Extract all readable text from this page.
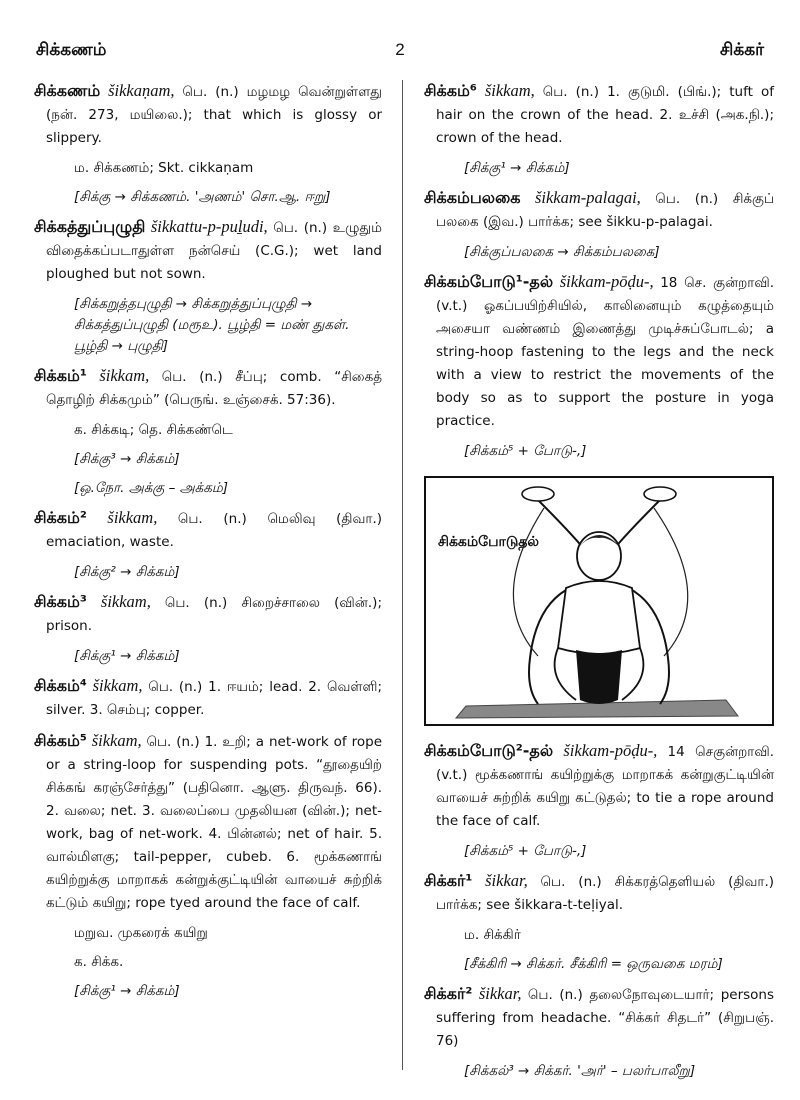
சிக்கணம்	2	சிக்கர்
சிக்கணம் šikkaṇam, பெ. (n.) மழமழ வென்றுள்ளது (நன். 273, மயிலை.); that which is glossy or slippery.
ம. சிக்கணம்; Skt. cikkaṇam
[சிக்கு → சிக்கணம். 'அணம்' சொ.ஆ. ஈறு]
சிக்கத்துப்புழுதி šikkattu-p-puḻudi, பெ. (n.) உழுதும் விதைக்கப்படாதுள்ள நன்செய் (C.G.); wet land ploughed but not sown.
[சிக்கறுத்தபுழுதி → சிக்கறுத்துப்புழுதி → சிக்கத்துப்புழுதி (மரூஉ). பூழ்தி = மண் துகள். பூழ்தி → புழுதி]
சிக்கம்¹ šikkam, பெ. (n.) சீப்பு; comb. “சிகைத் தொழிற் சிக்கமும்” (பெருங். உஞ்சைக். 57:36).
க. சிக்கடி; தெ. சிக்கண்டெ
[சிக்கு³ → சிக்கம்]
[ஒ.நோ. அக்கு – அக்கம்]
சிக்கம்² šikkam, பெ. (n.) மெலிவு (திவா.) emaciation, waste.
[சிக்கு² → சிக்கம்]
சிக்கம்³ šikkam, பெ. (n.) சிறைச்சாலை (வின்.); prison.
[சிக்கு¹ → சிக்கம்]
சிக்கம்⁴ šikkam, பெ. (n.) 1. ஈயம்; lead. 2. வெள்ளி; silver. 3. செம்பு; copper.
சிக்கம்⁵ šikkam, பெ. (n.) 1. உறி; a net-work of rope or a string-loop for suspending pots. “தூதையிற் சிக்கங் கரஞ்சேர்த்து” (பதினொ. ஆளு. திருவந். 66). 2. வலை; net. 3. வலைப்பை முதலியன (வின்.); net-work, bag of net-work. 4. பின்னல்; net of hair. 5. வால்மிளகு; tail-pepper, cubeb. 6. மூக்கணாங் கயிற்றுக்கு மாறாகக் கன்றுக்குட்டியின் வாயைச் சுற்றிக் கட்டும் கயிறு; rope tyed around the face of calf.
மறுவ. முகரைக் கயிறு
க. சிக்க.
[சிக்கு¹ → சிக்கம்]
சிக்கம்⁶ šikkam, பெ. (n.) 1. குடுமி. (பிங்.); tuft of hair on the crown of the head. 2. உச்சி (அக.நி.); crown of the head.
[சிக்கு¹ → சிக்கம்]
சிக்கம்பலகை šikkam-palagai, பெ. (n.) சிக்குப் பலகை (இவ.) பார்க்க; see šikku-p-palagai.
[சிக்குப்பலகை → சிக்கம்பலகை]
சிக்கம்போடு¹-தல் šikkam-pōḍu-, 18 செ. குன்றாவி. (v.t.) ஓகப்பயிற்சியில், காலினையும் கழுத்தையும் அசையா வண்ணம் இணைத்து முடிச்சுப்போடல்; a string-hoop fastening to the legs and the neck with a view to restrict the movements of the body so as to support the posture in yoga practice.
[சிக்கம்⁵ + போடு-,]
சிக்கம்போடுதல்
சிக்கம்போடு²-தல் šikkam-pōḍu-, 14 செகுன்றாவி. (v.t.) மூக்கணாங் கயிற்றுக்கு மாறாகக் கன்றுகுட்டியின் வாயைச் சுற்றிக் கயிறு கட்டுதல்; to tie a rope around the face of calf.
[சிக்கம்⁵ + போடு-,]
சிக்கர்¹ šikkar, பெ. (n.) சிக்கரத்தெளியல் (திவா.) பார்க்க; see šikkara-t-teḷiyal.
ம. சிக்கிர்
[சீக்கிரி → சிக்கர். சீக்கிரி = ஒருவகை மரம்]
சிக்கர்² šikkar, பெ. (n.) தலைநோவுடையார்; persons suffering from headache. “சிக்கர் சிதடர்” (சிறுபஞ். 76)
[சிக்கல்³ → சிக்கர். 'அர்' – பலர்பாலீறு]
